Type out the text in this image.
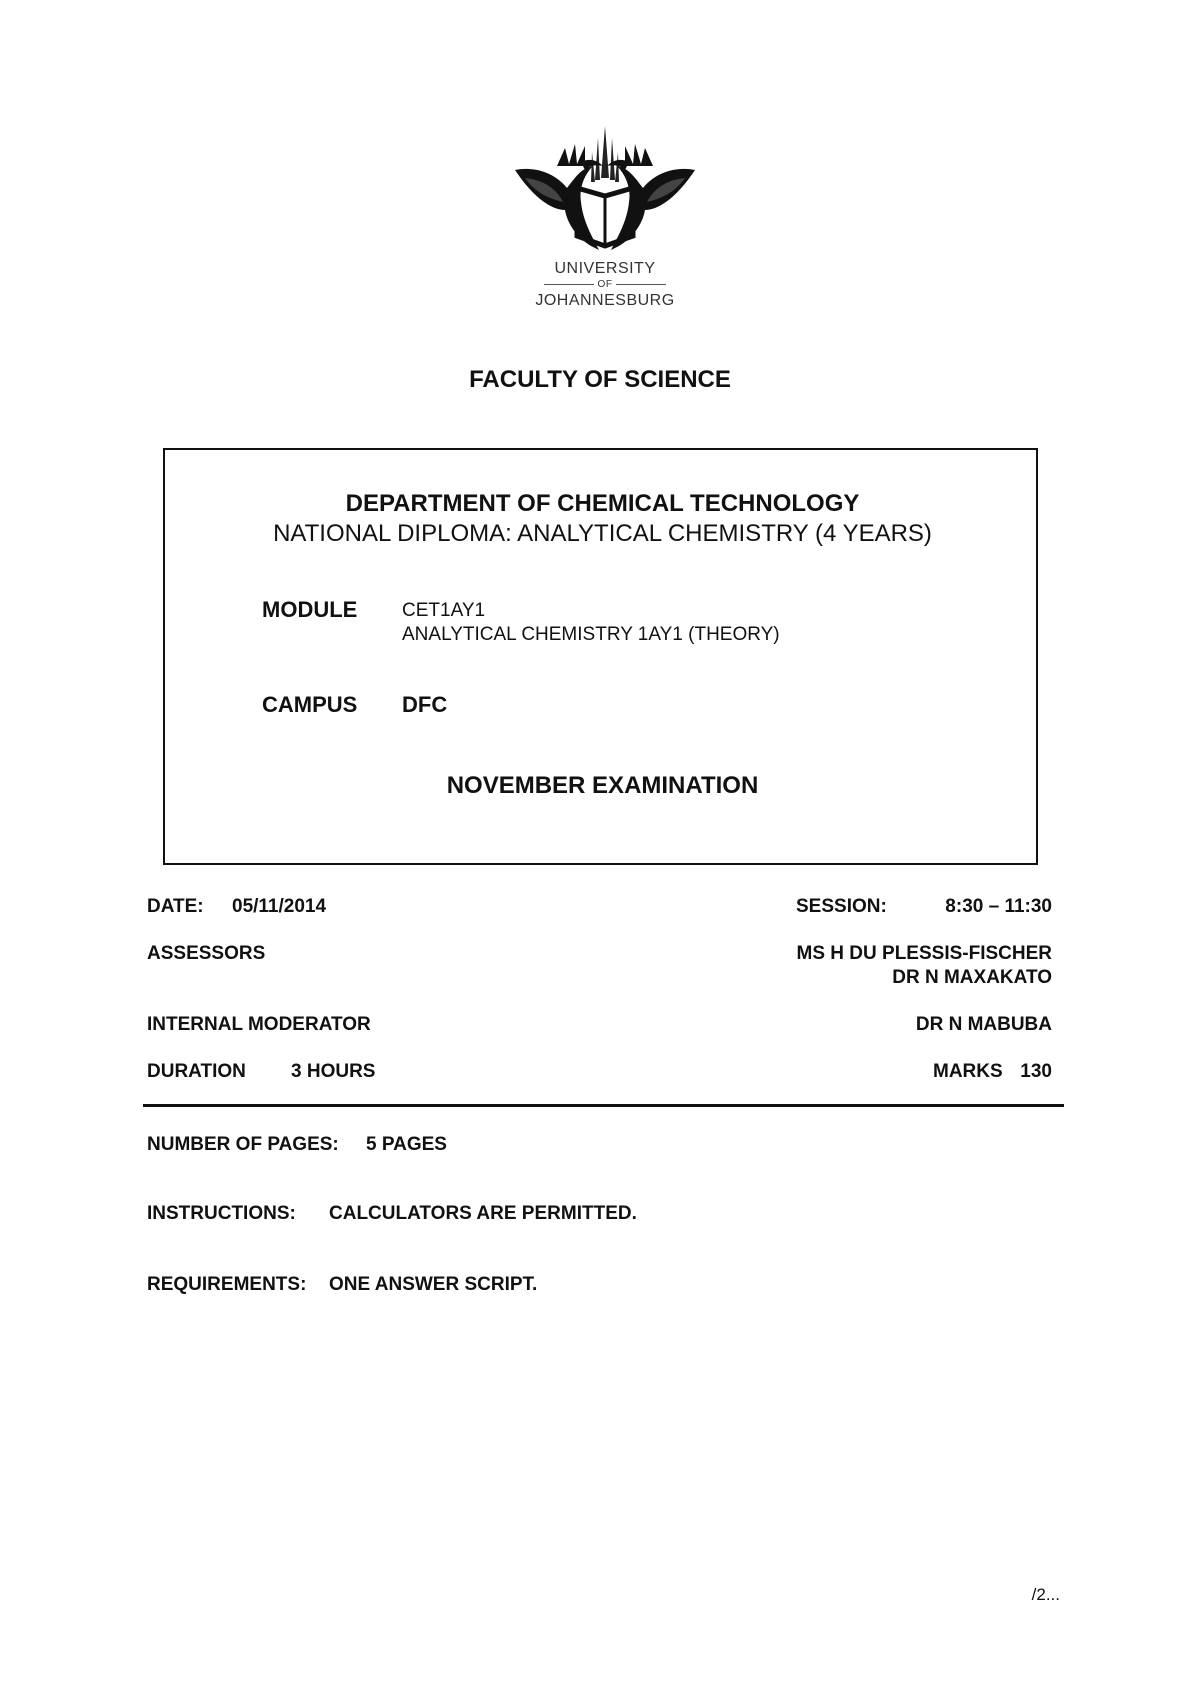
UNIVERSITY
OF
JOHANNESBURG
FACULTY OF SCIENCE
DEPARTMENT OF CHEMICAL TECHNOLOGY
NATIONAL DIPLOMA: ANALYTICAL CHEMISTRY (4 YEARS)
MODULE CET1AY1
ANALYTICAL CHEMISTRY 1AY1 (THEORY)
CAMPUS DFC
NOVEMBER EXAMINATION
DATE: 05/11/2014	SESSION:	8:30 – 11:30
ASSESSORS	MS H DU PLESSIS-FISCHER
DR N MAXAKATO
INTERNAL MODERATOR	DR N MABUBA
DURATION 3 HOURS	MARKS 130
NUMBER OF PAGES: 5 PAGES
INSTRUCTIONS: CALCULATORS ARE PERMITTED.
REQUIREMENTS: ONE ANSWER SCRIPT.
/2...
